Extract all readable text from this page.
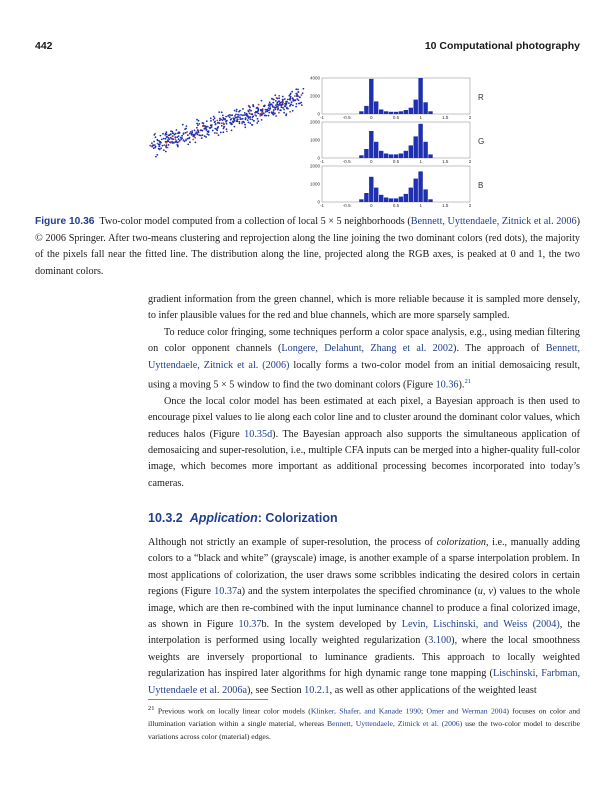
442	10 Computational photography
-1	-0.5	0	0.5	1	1.5	2
0
2000
4000
R
-1	-0.5	0	0.5	1	1.5	2
0
1000
2000
G
-1	-0.5	0	0.5	1	1.5	2
0
1000
2000
B
Figure 10.36 Two-color model computed from a collection of local 5 × 5 neighborhoods (Bennett, Uyttendaele, Zitnick et al. 2006) © 2006 Springer. After two-means clustering and reprojection along the line joining the two dominant colors (red dots), the majority of the pixels fall near the fitted line. The distribution along the line, projected along the RGB axes, is peaked at 0 and 1, the two dominant colors.

gradient information from the green channel, which is more reliable because it is sampled more densely, to infer plausible values for the red and blue channels, which are more sparsely sampled.

To reduce color fringing, some techniques perform a color space analysis, e.g., using median filtering on color opponent channels (Longere, Delahunt, Zhang et al. 2002). The approach of Bennett, Uyttendaele, Zitnick et al. (2006) locally forms a two-color model from an initial demosaicing result, using a moving 5 × 5 window to find the two dominant colors (Figure 10.36).$^{21}$

Once the local color model has been estimated at each pixel, a Bayesian approach is then used to encourage pixel values to lie along each color line and to cluster around the dominant color values, which reduces halos (Figure 10.35d). The Bayesian approach also supports the simultaneous application of demosaicing and super-resolution, i.e., multiple CFA inputs can be merged into a higher-quality full-color image, which becomes more important as additional processing becomes incorporated into today’s cameras.

10.3.2 Application: Colorization

Although not strictly an example of super-resolution, the process of colorization, i.e., manually adding colors to a “black and white” (grayscale) image, is another example of a sparse interpolation problem. In most applications of colorization, the user draws some scribbles indicating the desired colors in certain regions (Figure 10.37a) and the system interpolates the specified chrominance (u, v) values to the whole image, which are then re-combined with the input luminance channel to produce a final colorized image, as shown in Figure 10.37b. In the system developed by Levin, Lischinski, and Weiss (2004), the interpolation is performed using locally weighted regularization (3.100), where the local smoothness weights are inversely proportional to luminance gradients. This approach to locally weighted regularization has inspired later algorithms for high dynamic range tone mapping (Lischinski, Farbman, Uyttendaele et al. 2006a), see Section 10.2.1, as well as other applications of the weighted least

$^{21}$ Previous work on locally linear color models (Klinker, Shafer, and Kanade 1990; Omer and Werman 2004) focuses on color and illumination variation within a single material, whereas Bennett, Uyttendaele, Zitnick et al. (2006) use the two-color model to describe variations across color (material) edges.
